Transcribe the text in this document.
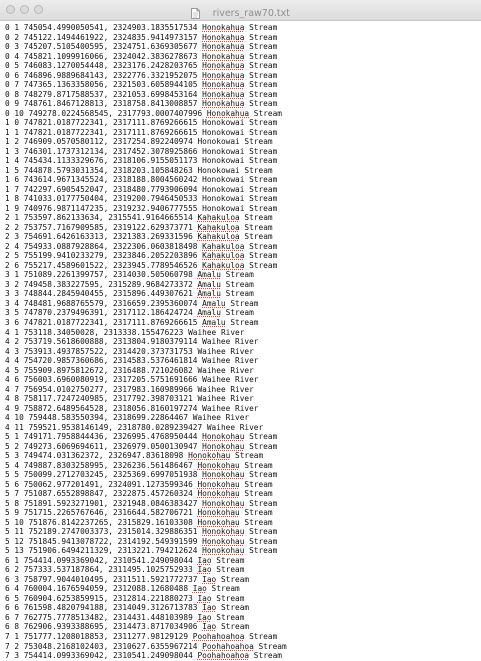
rivers_raw70.txt
0 1 745054.4990050541, 2324903.1835517534 Honokahua Stream
0 2 745122.1494461922, 2324835.9414973157 Honokahua Stream
0 3 745207.5105400595, 2324751.6369305677 Honokahua Stream
0 4 745821.1099916066, 2324042.3836278673 Honokahua Stream
0 5 746083.1270054448, 2323176.2428203765 Honokahua Stream
0 6 746896.9889684143, 2322776.3321952075 Honokahua Stream
0 7 747365.1363358056, 2321503.6058944105 Honokahua Stream
0 8 748279.8717588537, 2321053.6998453164 Honokahua Stream
0 9 748761.8467128813, 2318758.8413008857 Honokahua Stream
0 10 749278.0224568545, 2317793.0007407996 Honokahua Stream
1 0 747821.0187722341, 2317111.8769266615 Honokowai Stream
1 1 747821.0187722341, 2317111.8769266615 Honokowai Stream
1 2 746909.0570580112, 2317254.892240974 Honokowai Stream
1 3 746301.1737312134, 2317452.3078925866 Honokowai Stream
1 4 745434.1133329676, 2318106.9155051173 Honokowai Stream
1 5 744878.5793031354, 2318203.105848263 Honokowai Stream
1 6 743614.9671345524, 2318188.8004560242 Honokowai Stream
1 7 742297.6905452047, 2318480.7793906094 Honokowai Stream
1 8 741033.0177750404, 2319200.7946450533 Honokowai Stream
1 9 740976.9871147235, 2319232.9406777555 Honokowai Stream
2 1 753597.862133634, 2315541.9164665514 Kahakuloa Stream
2 2 753757.7167909585, 2319122.629373771 Kahakuloa Stream
2 3 754691.6426163313, 2321383.269331596 Kahakuloa Stream
2 4 754933.0887928864, 2322306.0603818498 Kahakuloa Stream
2 5 755199.9410233279, 2323846.2052203896 Kahakuloa Stream
2 6 755217.4589601522, 2323945.7789546526 Kahakuloa Stream
3 1 751089.2261399757, 2314030.505060798 Amalu Stream
3 2 749458.383227595, 2315289.9684273372 Amalu Stream
3 3 748844.2845940455, 2315896.449307621 Amalu Stream
3 4 748481.9688765579, 2316659.2395360074 Amalu Stream
3 5 747870.2379496391, 2317112.186424724 Amalu Stream
3 6 747821.0187722341, 2317111.8769266615 Amalu Stream
4 1 753118.34050028, 2313338.155476223 Waihee River
4 2 753719.5618600888, 2313804.9180379114 Waihee River
4 3 753913.4937857522, 2314420.373731753 Waihee River
4 4 754720.9857360686, 2314583.5376461814 Waihee River
4 5 755909.8975812672, 2316488.721026082 Waihee River
4 6 756003.6960080919, 2317205.5751691666 Waihee River
4 7 756954.0102750277, 2317983.160989966 Waihee River
4 8 758117.7247240985, 2317792.398703121 Waihee River
4 9 758872.6489564528, 2318056.8160197274 Waihee River
4 10 759448.583550394, 2318699.22864467 Waihee River
4 11 759521.9538146149, 2318780.0289239427 Waihee River
5 1 749171.7958844436, 2326995.4768950444 Honokohau Stream
5 2 749273.6069694611, 2326979.0500130947 Honokohau Stream
5 3 749474.031362372, 2326947.83618098 Honokohau Stream
5 4 749887.8303258995, 2326236.561486467 Honokohau Stream
5 5 750099.2712703245, 2325369.6997051938 Honokohau Stream
5 6 750062.977201491, 2324091.1273599346 Honokohau Stream
5 7 751087.6552898847, 2322875.457260324 Honokohau Stream
5 8 751891.5923271901, 2321948.0846383427 Honokohau Stream
5 9 751715.2265767646, 2316644.582706721 Honokohau Stream
5 10 751876.8142237265, 2315829.16103308 Honokohau Stream
5 11 752189.2747003373, 2315014.329886351 Honokohau Stream
5 12 751845.9413078722, 2314192.549391599 Honokohau Stream
5 13 751906.6494211329, 2313221.794212624 Honokohau Stream
6 1 754414.0993369042, 2310541.249098044 Iao Stream
6 2 757333.537187864, 2311495.1025752933 Iao Stream
6 3 758797.9044010495, 2311511.5921772737 Iao Stream
6 4 760004.1676594059, 2312088.12680488 Iao Stream
6 5 760904.6253859915, 2312814.221880273 Iao Stream
6 6 761598.4820794188, 2314049.3126713783 Iao Stream
6 7 762775.7778513482, 2314431.448103989 Iao Stream
6 8 762906.9393388695, 2314473.8717034906 Iao Stream
7 1 751777.1208018853, 2311277.98129129 Poohahoahoa Stream
7 2 753048.2168102403, 2310627.6355967214 Poohahoahoa Stream
7 3 754414.0993369042, 2310541.249098044 Poohahoahoa Stream
